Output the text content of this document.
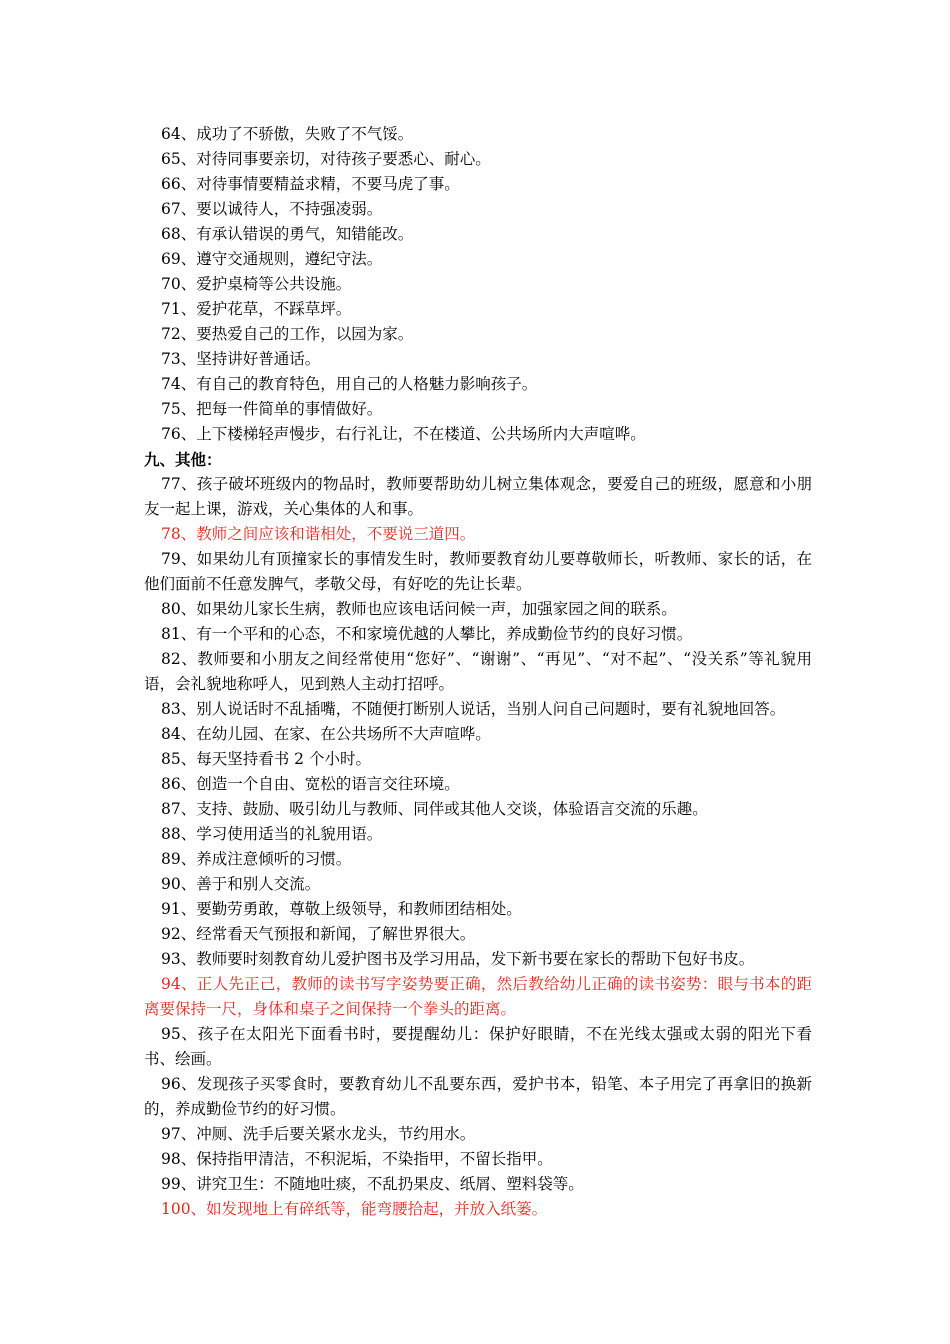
64、成功了不骄傲，失败了不气馁。

65、对待同事要亲切，对待孩子要悉心、耐心。

66、对待事情要精益求精，不要马虎了事。

67、要以诚待人，不持强凌弱。

68、有承认错误的勇气，知错能改。

69、遵守交通规则，遵纪守法。

70、爱护桌椅等公共设施。

71、爱护花草，不踩草坪。

72、要热爱自己的工作，以园为家。

73、坚持讲好普通话。

74、有自己的教育特色，用自己的人格魅力影响孩子。

75、把每一件简单的事情做好。

76、上下楼梯轻声慢步，右行礼让，不在楼道、公共场所内大声喧哗。

九、其他：

77、孩子破坏班级内的物品时，教师要帮助幼儿树立集体观念，要爱自己的班级，愿意和小朋友一起上课，游戏，关心集体的人和事。

78、教师之间应该和谐相处，不要说三道四。

79、如果幼儿有顶撞家长的事情发生时，教师要教育幼儿要尊敬师长，听教师、家长的话，在他们面前不任意发脾气，孝敬父母，有好吃的先让长辈。

80、如果幼儿家长生病，教师也应该电话问候一声，加强家园之间的联系。

81、有一个平和的心态，不和家境优越的人攀比，养成勤俭节约的良好习惯。

82、教师要和小朋友之间经常使用“您好”、“谢谢”、“再见”、“对不起”、“没关系”等礼貌用语，会礼貌地称呼人，见到熟人主动打招呼。

83、别人说话时不乱插嘴，不随便打断别人说话，当别人问自己问题时，要有礼貌地回答。

84、在幼儿园、在家、在公共场所不大声喧哗。

85、每天坚持看书 2 个小时。

86、创造一个自由、宽松的语言交往环境。

87、支持、鼓励、吸引幼儿与教师、同伴或其他人交谈，体验语言交流的乐趣。

88、学习使用适当的礼貌用语。

89、养成注意倾听的习惯。

90、善于和别人交流。

91、要勤劳勇敢，尊敬上级领导，和教师团结相处。

92、经常看天气预报和新闻，了解世界很大。

93、教师要时刻教育幼儿爱护图书及学习用品，发下新书要在家长的帮助下包好书皮。

94、正人先正己，教师的读书写字姿势要正确，然后教给幼儿正确的读书姿势：眼与书本的距离要保持一尺，身体和桌子之间保持一个拳头的距离。

95、孩子在太阳光下面看书时，要提醒幼儿：保护好眼睛，不在光线太强或太弱的阳光下看书、绘画。

96、发现孩子买零食时，要教育幼儿不乱要东西，爱护书本，铅笔、本子用完了再拿旧的换新的，养成勤俭节约的好习惯。

97、冲厕、洗手后要关紧水龙头，节约用水。

98、保持指甲清洁，不积泥垢，不染指甲，不留长指甲。

99、讲究卫生：不随地吐痰，不乱扔果皮、纸屑、塑料袋等。

100、如发现地上有碎纸等，能弯腰拾起，并放入纸篓。
